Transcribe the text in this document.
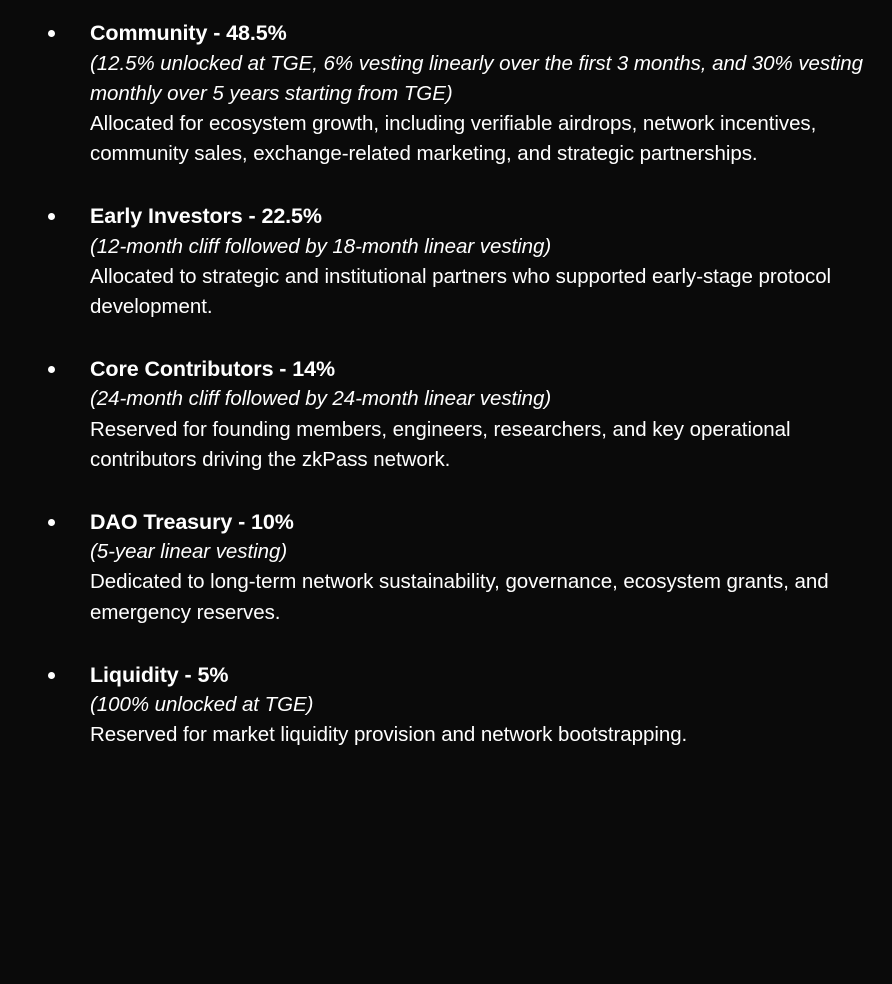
Community - 48.5%

(12.5% unlocked at TGE, 6% vesting linearly over the first 3 months, and 30% vesting monthly over 5 years starting from TGE)

Allocated for ecosystem growth, including verifiable airdrops, network incentives, community sales, exchange-related marketing, and strategic partnerships.

Early Investors - 22.5%

(12-month cliff followed by 18-month linear vesting)

Allocated to strategic and institutional partners who supported early-stage protocol development.

Core Contributors - 14%

(24-month cliff followed by 24-month linear vesting)

Reserved for founding members, engineers, researchers, and key operational contributors driving the zkPass network.

DAO Treasury - 10%

(5-year linear vesting)

Dedicated to long-term network sustainability, governance, ecosystem grants, and emergency reserves.

Liquidity - 5%

(100% unlocked at TGE)

Reserved for market liquidity provision and network bootstrapping.
